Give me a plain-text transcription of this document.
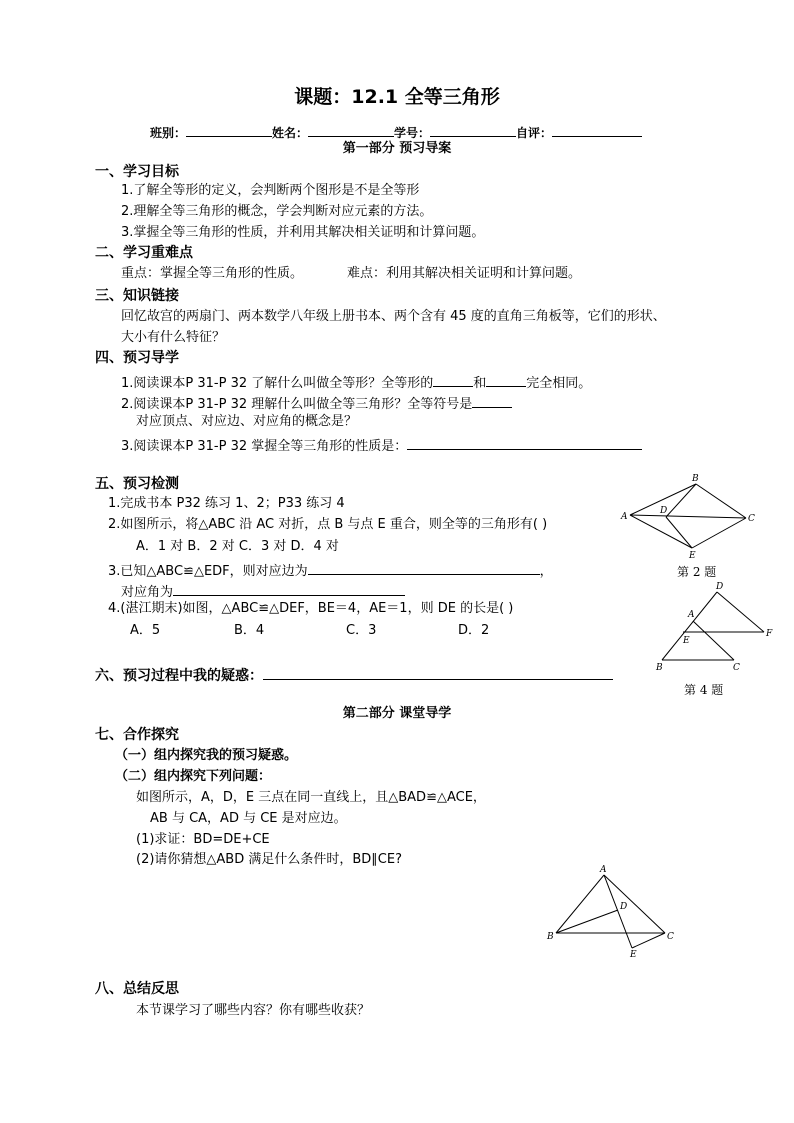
课题：12.1 全等三角形
班别：	姓名：	学号：	自评：
第一部分 预习导案
一、学习目标
1.了解全等形的定义，会判断两个图形是不是全等形
2.理解全等三角形的概念，学会判断对应元素的方法。
3.掌握全等三角形的性质，并利用其解决相关证明和计算问题。
二、学习重难点
重点：掌握全等三角形的性质。	难点：利用其解决相关证明和计算问题。
三、知识链接
回忆故宫的两扇门、两本数学八年级上册书本、两个含有 45 度的直角三角板等，它们的形状、
大小有什么特征？
四、预习导学
1.阅读课本P 31-P 32 了解什么叫做全等形？全等形的	和	完全相同。
2.阅读课本P 31-P 32 理解什么叫做全等三角形？全等符号是
对应顶点、对应边、对应角的概念是？
3.阅读课本P 31-P 32 掌握全等三角形的性质是：
五、预习检测
1.完成书本 P32 练习 1、2；P33 练习 4
2.如图所示，将△ABC 沿 AC 对折，点 B 与点 E 重合，则全等的三角形有( )
A．1 对 B．2 对 C．3 对 D．4 对
3.已知△ABC≌△EDF，则对应边为	，
对应角为
4.(湛江期末)如图，△ABC≌△DEF，BE＝4，AE＝1，则 DE 的长是( )
A．5	B．4	C．3	D．2
A
B
C
D
E
第 2 题
D
A
E
F
B	C
第 4 题
六、预习过程中我的疑惑：
第二部分 课堂导学
七、合作探究
（一）组内探究我的预习疑惑。
（二）组内探究下列问题：
如图所示，A，D，E 三点在同一直线上，且△BAD≌△ACE，
AB 与 CA，AD 与 CE 是对应边。
(1)求证：BD=DE+CE
(2)请你猜想△ABD 满足什么条件时，BD∥CE?
A
B	C
D
E
八、总结反思
本节课学习了哪些内容？你有哪些收获？
